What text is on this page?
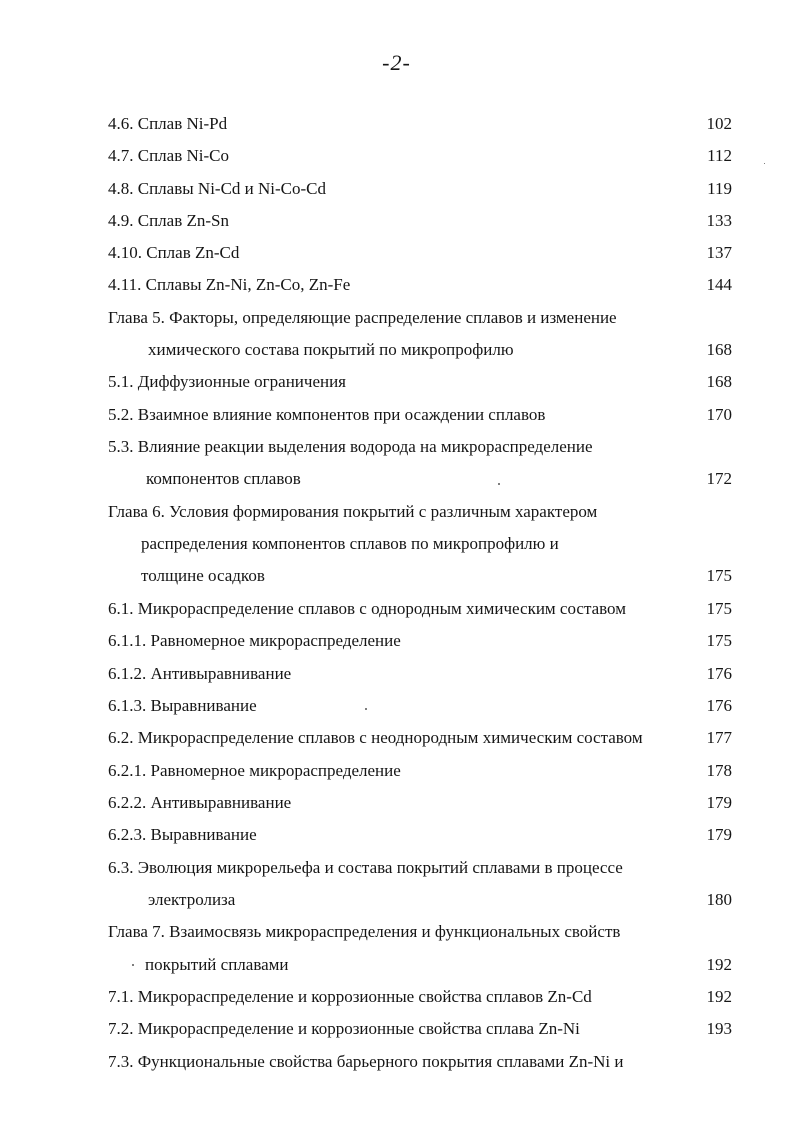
-2-
4.6. Сплав Ni-Pd	102
4.7. Сплав Ni-Co	112
4.8. Сплавы Ni-Cd и Ni-Co-Cd	119
4.9. Сплав Zn-Sn	133
4.10. Сплав Zn-Cd	137
4.11. Сплавы Zn-Ni, Zn-Co, Zn-Fe	144
Глава 5. Факторы, определяющие распределение сплавов и изменение
химического состава покрытий по микропрофилю	168
5.1. Диффузионные ограничения	168
5.2. Взаимное влияние компонентов при осаждении сплавов	170
5.3. Влияние реакции выделения водорода на микрораспределение
компонентов сплавов	172
Глава 6. Условия формирования покрытий с различным характером
распределения компонентов сплавов по микропрофилю и
толщине осадков	175
6.1. Микрораспределение сплавов с однородным химическим составом	175
6.1.1. Равномерное микрораспределение	175
6.1.2. Антивыравнивание	176
6.1.3. Выравнивание	176
6.2. Микрораспределение сплавов с неоднородным химическим составом	177
6.2.1. Равномерное микрораспределение	178
6.2.2. Антивыравнивание	179
6.2.3. Выравнивание	179
6.3. Эволюция микрорельефа и состава покрытий сплавами в процессе
электролиза	180
Глава 7. Взаимосвязь микрораспределения и функциональных свойств
покрытий сплавами	192
7.1. Микрораспределение и коррозионные свойства сплавов Zn-Cd	192
7.2. Микрораспределение и коррозионные свойства сплава Zn-Ni	193
7.3. Функциональные свойства барьерного покрытия сплавами Zn-Ni и
